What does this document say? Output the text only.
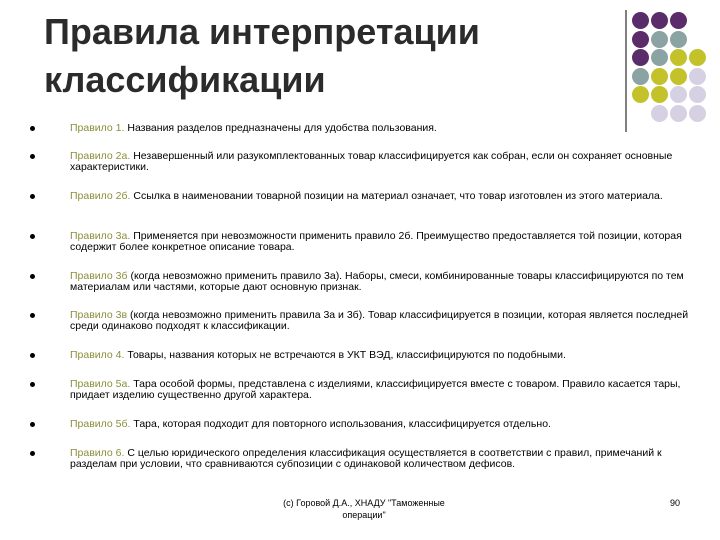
Правила интерпретации
классификации
Правило 1. Названия разделов предназначены для удобства пользования.
Правило 2а. Незавершенный или разукомплектованных товар классифицируется как собран, если он сохраняет основные характеристики.
Правило 2б. Ссылка в наименовании товарной позиции на материал означает, что товар изготовлен из этого материала.
Правило 3а. Применяется при невозможности применить правило 2б. Преимущество предоставляется той позиции, которая содержит более конкретное описание товара.
Правило 3б (когда невозможно применить правило 3а). Наборы, смеси, комбинированные товары классифицируются по тем материалам или частями, которые дают основную признак.
Правило 3в (когда невозможно применить правила 3а и 3б). Товар классифицируется в позиции, которая является последней среди одинаково подходят к классификации.
Правило 4. Товары, названия которых не встречаются в УКТ ВЭД, классифицируются по подобными.
Правило 5а. Тара особой формы, представлена с изделиями, классифицируется вместе с товаром. Правило касается тары, придает изделию существенно другой характера.
Правило 5б. Тара, которая подходит для повторного использования, классифицируется отдельно.
Правило 6. С целью юридического определения классификация осуществляется в соответствии с правил, примечаний к разделам при условии, что сравниваются субпозиции с одинаковой количеством дефисов.
(c) Горовой Д.А., ХНАДУ "Таможенные
операции"
90
